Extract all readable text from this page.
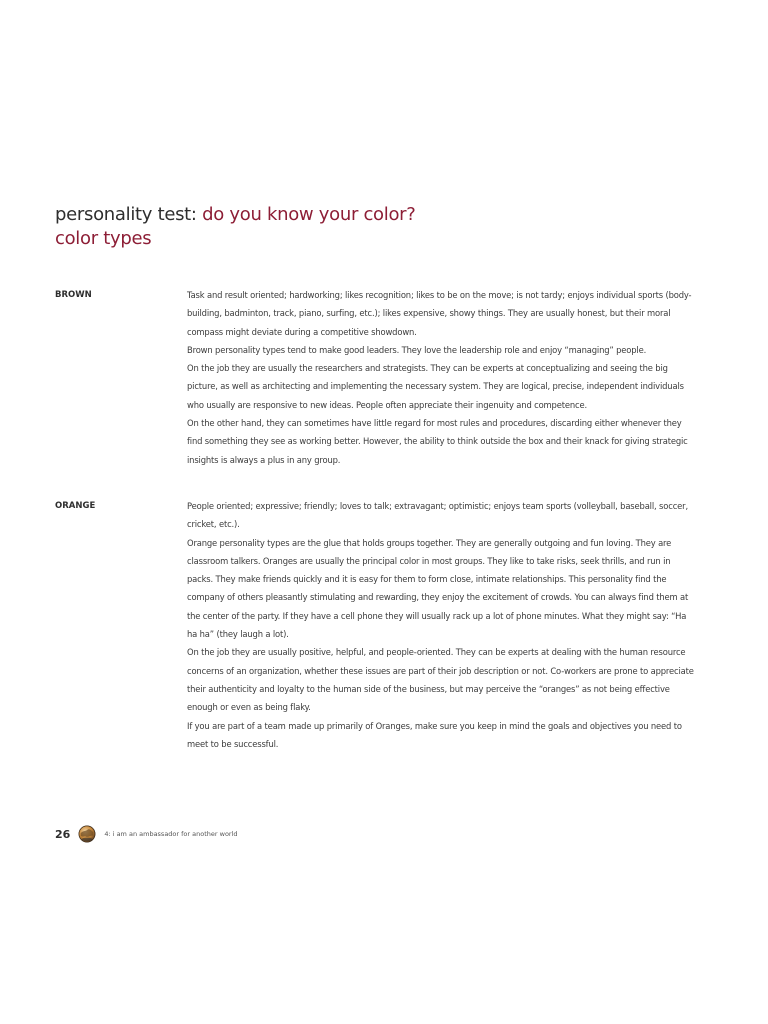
personality test: do you know your color?
color types
BROWN	Task and result oriented; hardworking; likes recognition; likes to be on the move; is not tardy; enjoys individual sports (body-building, badminton, track, piano, surfing, etc.); likes expensive, showy things. They are usually honest, but their moral compass might deviate during a competitive showdown.

Brown personality types tend to make good leaders. They love the leadership role and enjoy “managing” people.

On the job they are usually the researchers and strategists. They can be experts at conceptualizing and seeing the big picture, as well as architecting and implementing the necessary system. They are logical, precise, independent individuals who usually are responsive to new ideas. People often appreciate their ingenuity and competence.

On the other hand, they can sometimes have little regard for most rules and procedures, discarding either whenever they find something they see as working better. However, the ability to think outside the box and their knack for giving strategic insights is always a plus in any group.

ORANGE	People oriented; expressive; friendly; loves to talk; extravagant; optimistic; enjoys team sports (volleyball, baseball, soccer, cricket, etc.).

Orange personality types are the glue that holds groups together. They are generally outgoing and fun loving. They are classroom talkers. Oranges are usually the principal color in most groups. They like to take risks, seek thrills, and run in packs. They make friends quickly and it is easy for them to form close, intimate relationships. This personality find the company of others pleasantly stimulating and rewarding, they enjoy the excitement of crowds. You can always find them at the center of the party. If they have a cell phone they will usually rack up a lot of phone minutes. What they might say: “Ha ha ha” (they laugh a lot).

On the job they are usually positive, helpful, and people-oriented. They can be experts at dealing with the human resource concerns of an organization, whether these issues are part of their job description or not. Co-workers are prone to appreciate their authenticity and loyalty to the human side of the business, but may perceive the “oranges” as not being effective enough or even as being flaky.

If you are part of a team made up primarily of Oranges, make sure you keep in mind the goals and objectives you need to meet to be successful.

26	4: i am an ambassador for another world
